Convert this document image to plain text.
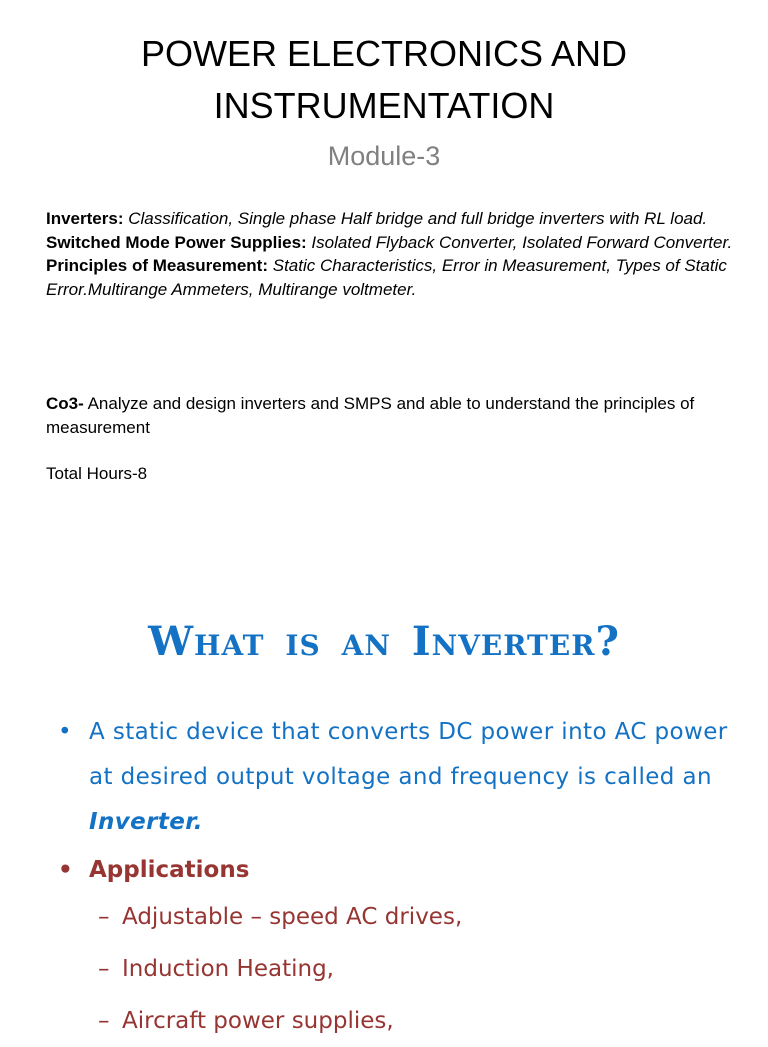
POWER ELECTRONICS AND
INSTRUMENTATION
Module-3

Inverters: Classification, Single phase Half bridge and full bridge inverters with RL load.

Switched Mode Power Supplies: Isolated Flyback Converter, Isolated Forward Converter.

Principles of Measurement: Static Characteristics, Error in Measurement, Types of Static Error.Multirange Ammeters, Multirange voltmeter.

Co3- Analyze and design inverters and SMPS and able to understand the principles of measurement
Total Hours-8
What is an Inverter?
• A static device that converts DC power into AC power at desired output voltage and frequency is called an Inverter.
• Applications
– Adjustable – speed AC drives,
– Induction Heating,
– Aircraft power supplies,
